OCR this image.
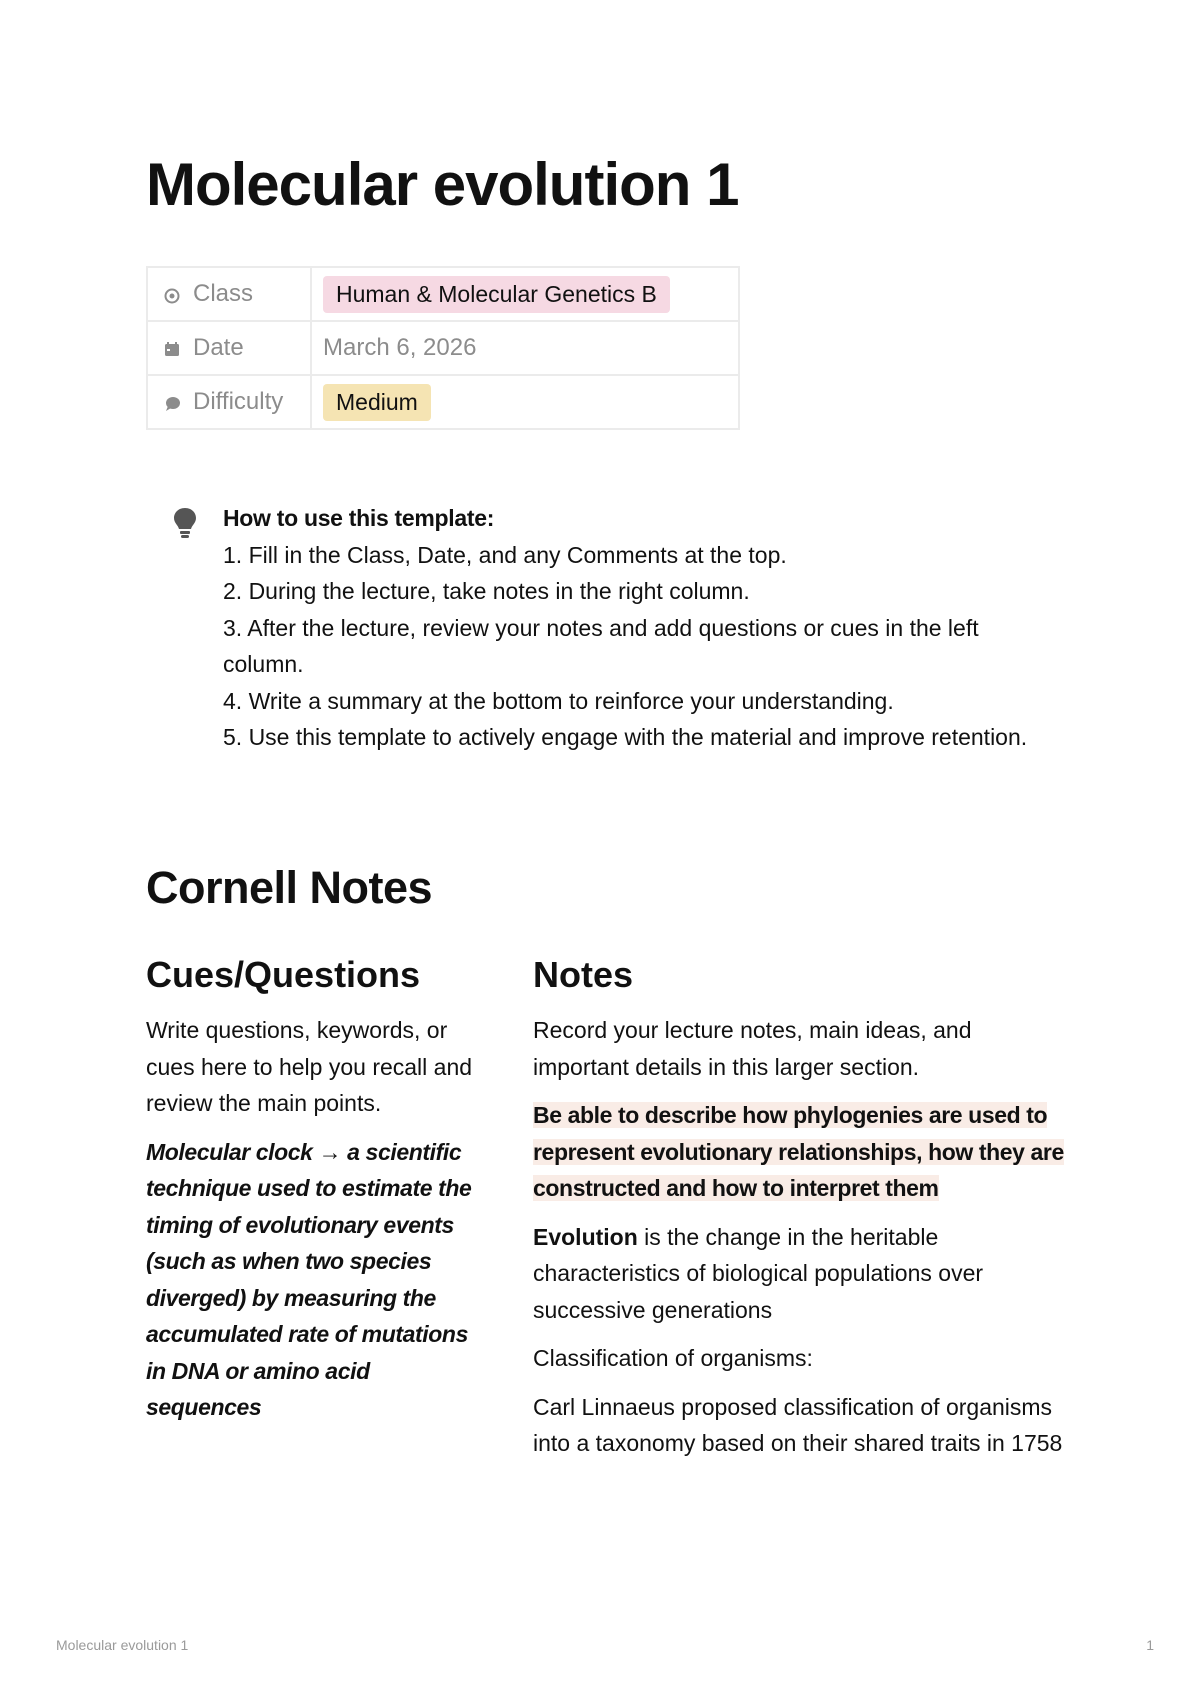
Molecular evolution 1
Class	Human & Molecular Genetics B

Date	March 6, 2026

Difficulty	Medium
How to use this template:
1. Fill in the Class, Date, and any Comments at the top.
2. During the lecture, take notes in the right column.
3. After the lecture, review your notes and add questions or cues in the left column.
4. Write a summary at the bottom to reinforce your understanding.
5. Use this template to actively engage with the material and improve retention.
Cornell Notes
Cues/Questions

Write questions, keywords, or cues here to help you recall and review the main points.

Molecular clock → a scientific technique used to estimate the timing of evolutionary events (such as when two species diverged) by measuring the accumulated rate of mutations in DNA or amino acid sequences

Notes

Record your lecture notes, main ideas, and important details in this larger section.

Be able to describe how phylogenies are used to represent evolutionary relationships, how they are constructed and how to interpret them

Evolution is the change in the heritable characteristics of biological populations over successive generations

Classification of organisms:

Carl Linnaeus proposed classification of organisms into a taxonomy based on their shared traits in 1758

Molecular evolution 1	1
